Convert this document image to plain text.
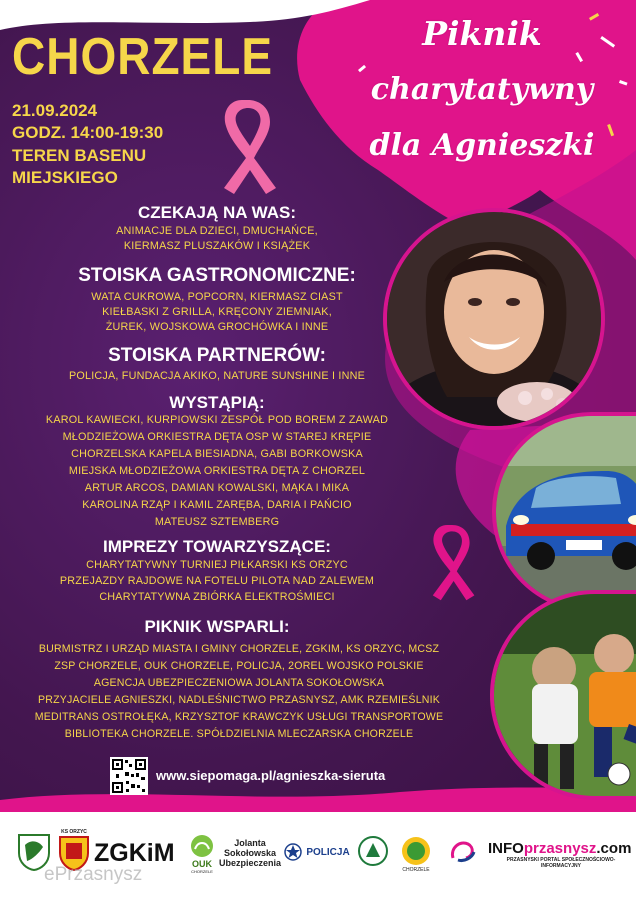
CHORZELE
21.09.2024
GODZ. 14:00-19:30
TEREN BASENU
MIEJSKIEGO
Piknik
charytatywny
dla Agnieszki
CZEKAJĄ NA WAS:
ANIMACJE DLA DZIECI, DMUCHAŃCE,
KIERMASZ PLUSZAKÓW I KSIĄŻEK
STOISKA GASTRONOMICZNE:
WATA CUKROWA, POPCORN, KIERMASZ CIAST
KIEŁBASKI Z GRILLA, KRĘCONY ZIEMNIAK,
ŻUREK, WOJSKOWA GROCHÓWKA I INNE
STOISKA PARTNERÓW:
POLICJA, FUNDACJA AKIKO, NATURE SUNSHINE I INNE
WYSTĄPIĄ:
KAROL KAWIECKI, KURPIOWSKI ZESPÓŁ POD BOREM Z ZAWAD
MŁODZIEŻOWA ORKIESTRA DĘTA OSP W STAREJ KRĘPIE
CHORZELSKA KAPELA BIESIADNA, GABI BORKOWSKA
MIEJSKA MŁODZIEŻOWA ORKIESTRA DĘTA Z CHORZEL
ARTUR ARCOS, DAMIAN KOWALSKI, MĄKA I MIKA
KAROLINA RZĄP I KAMIL ZARĘBA, DARIA I PAŃCIO
MATEUSZ SZTEMBERG
IMPREZY TOWARZYSZĄCE:
CHARYTATYWNY TURNIEJ PIŁKARSKI KS ORZYC
PRZEJAZDY RAJDOWE NA FOTELU PILOTA NAD ZALEWEM
CHARYTATYWNA ZBIÓRKA ELEKTROŚMIECI
PIKNIK WSPARLI:
BURMISTRZ I URZĄD MIASTA I GMINY CHORZELE, ZGKIM, KS ORZYC, MCSZ
ZSP CHORZELE, OUK CHORZELE, POLICJA, 2OREL WOJSKO POLSKIE
AGENCJA UBEZPIECZENIOWA JOLANTA SOKOŁOWSKA
PRZYJACIELE AGNIESZKI, NADLEŚNICTWO PRZASNYSZ, AMK RZEMIEŚLNIK
MEDITRANS OSTROŁĘKA, KRZYSZTOF KRAWCZYK USŁUGI TRANSPORTOWE
BIBLIOTEKA CHORZELE. SPÓŁDZIELNIA MLECZARSKA CHORZELE
www.siepomaga.pl/agnieszka-sieruta
KS ORZYC
ZGKiM OUK
CHORZELE
Jolanta
Sokołowska
Ubezpieczenia
POLICJA
CHORZELE
INFOprzasnysz.com
PRZASNYSKI PORTAL SPOŁECZNOŚCIOWO-INFORMACYJNY
ePrzasnysz
